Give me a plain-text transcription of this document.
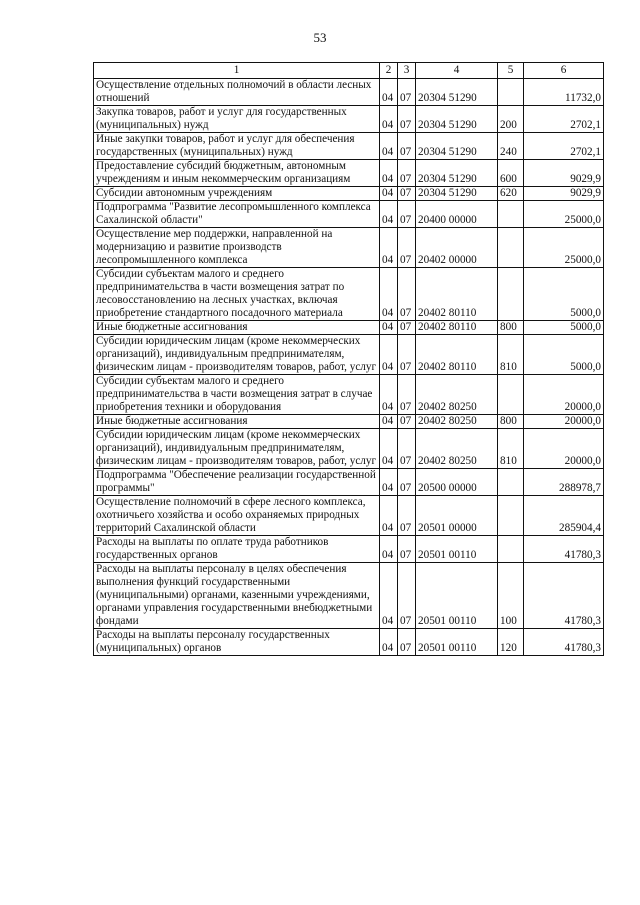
53
1	2	3	4	5	6
Осуществление отдельных полномочий в области лесных отношений	04	07	20304 51290		11732,0
Закупка товаров, работ и услуг для государственных (муниципальных) нужд	04	07	20304 51290	200	2702,1
Иные закупки товаров, работ и услуг для обеспечения государственных (муниципальных) нужд	04	07	20304 51290	240	2702,1
Предоставление субсидий бюджетным, автономным учреждениям и иным некоммерческим организациям	04	07	20304 51290	600	9029,9
Субсидии автономным учреждениям	04	07	20304 51290	620	9029,9
Подпрограмма "Развитие лесопромышленного комплекса Сахалинской области"	04	07	20400 00000		25000,0
Осуществление мер поддержки, направленной на модернизацию и развитие производств лесопромышленного комплекса	04	07	20402 00000		25000,0
Субсидии субъектам малого и среднего предпринимательства в части возмещения затрат по лесовосстановлению на лесных участках, включая приобретение стандартного посадочного материала	04	07	20402 80110		5000,0
Иные бюджетные ассигнования	04	07	20402 80110	800	5000,0
Субсидии юридическим лицам (кроме некоммерческих организаций), индивидуальным предпринимателям, физическим лицам - производителям товаров, работ, услуг	04	07	20402 80110	810	5000,0
Субсидии субъектам малого и среднего предпринимательства в части возмещения затрат в случае приобретения техники и оборудования	04	07	20402 80250		20000,0
Иные бюджетные ассигнования	04	07	20402 80250	800	20000,0
Субсидии юридическим лицам (кроме некоммерческих организаций), индивидуальным предпринимателям, физическим лицам - производителям товаров, работ, услуг	04	07	20402 80250	810	20000,0
Подпрограмма "Обеспечение реализации государственной программы"	04	07	20500 00000		288978,7
Осуществление полномочий в сфере лесного комплекса, охотничьего хозяйства и особо охраняемых природных территорий Сахалинской области	04	07	20501 00000		285904,4
Расходы на выплаты по оплате труда работников государственных органов	04	07	20501 00110		41780,3
Расходы на выплаты персоналу в целях обеспечения выполнения функций государственными (муниципальными) органами, казенными учреждениями, органами управления государственными внебюджетными фондами	04	07	20501 00110	100	41780,3
Расходы на выплаты персоналу государственных (муниципальных) органов	04	07	20501 00110	120	41780,3
